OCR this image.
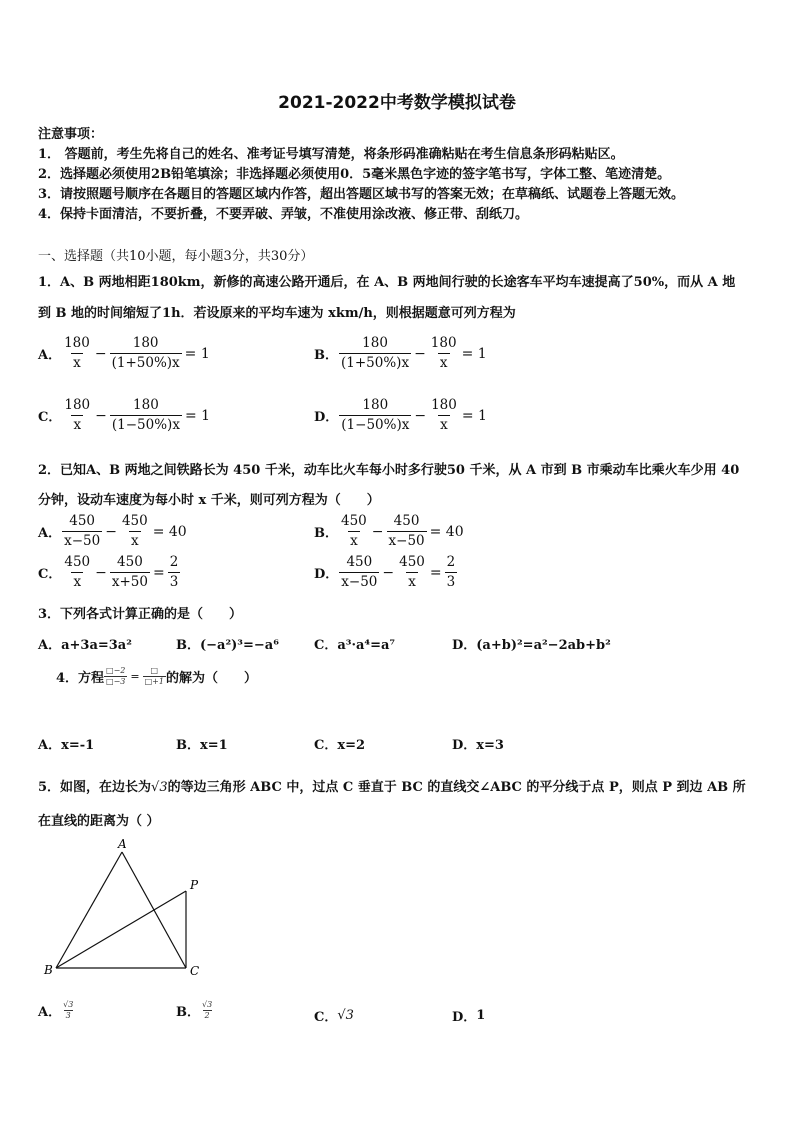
2021-2022中考数学模拟试卷
注意事项：
1． 答题前，考生先将自己的姓名、准考证号填写清楚，将条形码准确粘贴在考生信息条形码粘贴区。
2．选择题必须使用2B铅笔填涂；非选择题必须使用0．5毫米黑色字迹的签字笔书写，字体工整、笔迹清楚。
3．请按照题号顺序在各题目的答题区域内作答，超出答题区域书写的答案无效；在草稿纸、试题卷上答题无效。
4．保持卡面清洁，不要折叠，不要弄破、弄皱，不准使用涂改液、修正带、刮纸刀。
一、选择题（共10小题，每小题3分，共30分）
1．A、B 两地相距180km，新修的高速公路开通后，在 A、B 两地间行驶的长途客车平均车速提高了50%，而从 A 地
到 B 地的时间缩短了1h．若设原来的平均车速为 xkm/h，则根据题意可列方程为
A． $\frac{180}{x} - \frac{180}{(1+50\%)x} = 1$	B． $\frac{180}{(1+50\%)x} - \frac{180}{x} = 1$
C． $\frac{180}{x} - \frac{180}{(1-50\%)x} = 1$	D． $\frac{180}{(1-50\%)x} - \frac{180}{x} = 1$
2．已知A、B 两地之间铁路长为 450 千米，动车比火车每小时多行驶50 千米，从 A 市到 B 市乘动车比乘火车少用 40
分钟，设动车速度为每小时 x 千米，则可列方程为（　　）
A． $\frac{450}{x-50} - \frac{450}{x} = 40$	B． $\frac{450}{x} - \frac{450}{x-50} = 40$
C． $\frac{450}{x} - \frac{450}{x+50} = \frac{2}{3}$	D． $\frac{450}{x-50} - \frac{450}{x} = \frac{2}{3}$
3．下列各式计算正确的是（　　）
A．a+3a=3a²	B．(−a²)³=−a⁶	C．a³·a⁴=a⁷	D．(a+b)²=a²−2ab+b²
4．方程 $\frac{□-2}{□-3} = \frac{□}{□+1}$ 的解为（　　）
A．x=-1	B．x=1	C．x=2	D．x=3
5．如图，在边长为√3的等边三角形 ABC 中，过点 C 垂直于 BC 的直线交∠ABC 的平分线于点 P，则点 P 到边 AB 所
在直线的距离为（ ）
A
B	C
P
A． $\frac{√3}{3}$	B． $\frac{√3}{2}$	C． √3	D． 1
